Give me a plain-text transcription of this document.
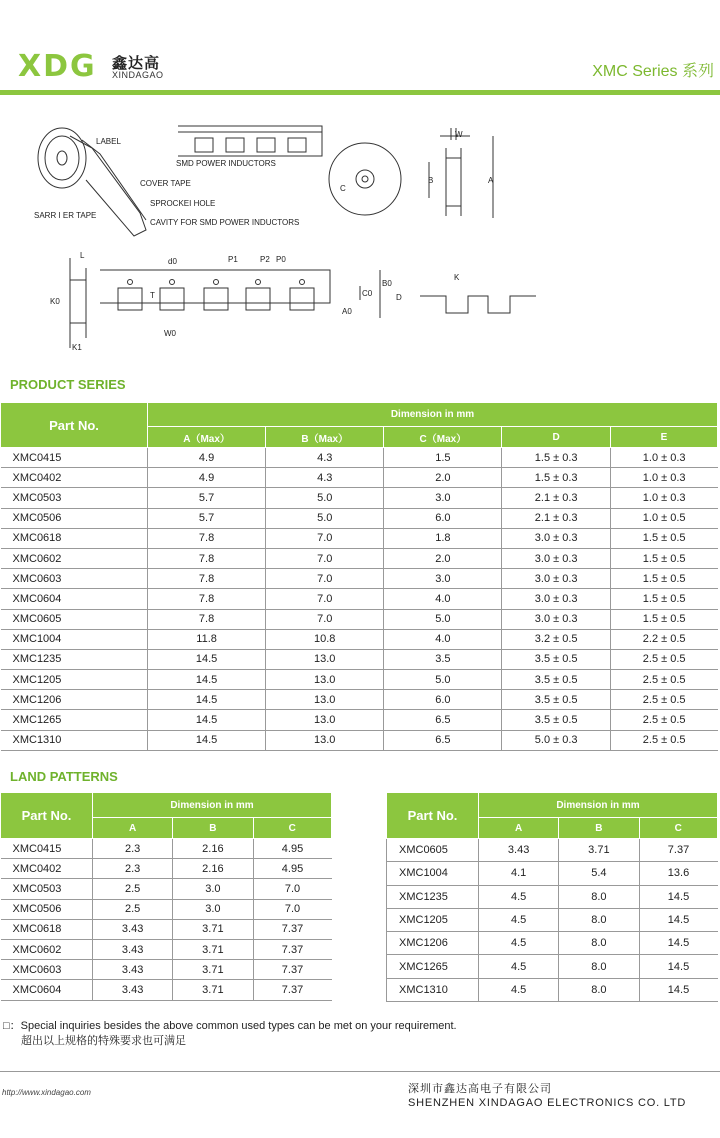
XDG 鑫达高
XINDAGAO	XMC Series 系列
LABEL
SMD POWER INDUCTORS
COVER TAPE
SPROCKEI HOLE
SARR I ER TAPE
CAVITY FOR SMD POWER INDUCTORS
W
A
B
C
L
T
K0
K1
d0	P1	P2 P0
B0
C0	D
A0
W0
K
PRODUCT SERIES
Part No.	Dimension in mm				
	A（Max）	B（Max）	C（Max）	D	E
XMC0415	4.9	4.3	1.5	1.5 ± 0.3	1.0 ± 0.3
XMC0402	4.9	4.3	2.0	1.5 ± 0.3	1.0 ± 0.3
XMC0503	5.7	5.0	3.0	2.1 ± 0.3	1.0 ± 0.3
XMC0506	5.7	5.0	6.0	2.1 ± 0.3	1.0 ± 0.5
XMC0618	7.8	7.0	1.8	3.0 ± 0.3	1.5 ± 0.5
XMC0602	7.8	7.0	2.0	3.0 ± 0.3	1.5 ± 0.5
XMC0603	7.8	7.0	3.0	3.0 ± 0.3	1.5 ± 0.5
XMC0604	7.8	7.0	4.0	3.0 ± 0.3	1.5 ± 0.5
XMC0605	7.8	7.0	5.0	3.0 ± 0.3	1.5 ± 0.5
XMC1004	11.8	10.8	4.0	3.2 ± 0.5	2.2 ± 0.5
XMC1235	14.5	13.0	3.5	3.5 ± 0.5	2.5 ± 0.5
XMC1205	14.5	13.0	5.0	3.5 ± 0.5	2.5 ± 0.5
XMC1206	14.5	13.0	6.0	3.5 ± 0.5	2.5 ± 0.5
XMC1265	14.5	13.0	6.5	3.5 ± 0.5	2.5 ± 0.5
XMC1310	14.5	13.0	6.5	5.0 ± 0.3	2.5 ± 0.5
LAND PATTERNS
Part No.	Dimension in mm		
	A	B	C
XMC0415	2.3	2.16	4.95
XMC0402	2.3	2.16	4.95
XMC0503	2.5	3.0	7.0
XMC0506	2.5	3.0	7.0
XMC0618	3.43	3.71	7.37
XMC0602	3.43	3.71	7.37
XMC0603	3.43	3.71	7.37
XMC0604	3.43	3.71	7.37
Part No.	Dimension in mm		
	A	B	C
XMC0605	3.43	3.71	7.37
XMC1004	4.1	5.4	13.6
XMC1235	4.5	8.0	14.5
XMC1205	4.5	8.0	14.5
XMC1206	4.5	8.0	14.5
XMC1265	4.5	8.0	14.5
XMC1310	4.5	8.0	14.5
□：Special inquiries besides the above common used types can be met on your requirement.
超出以上规格的特殊要求也可满足
http://www.xindagao.com	深圳市鑫达高电子有限公司
SHENZHEN XINDAGAO ELECTRONICS CO. LTD
